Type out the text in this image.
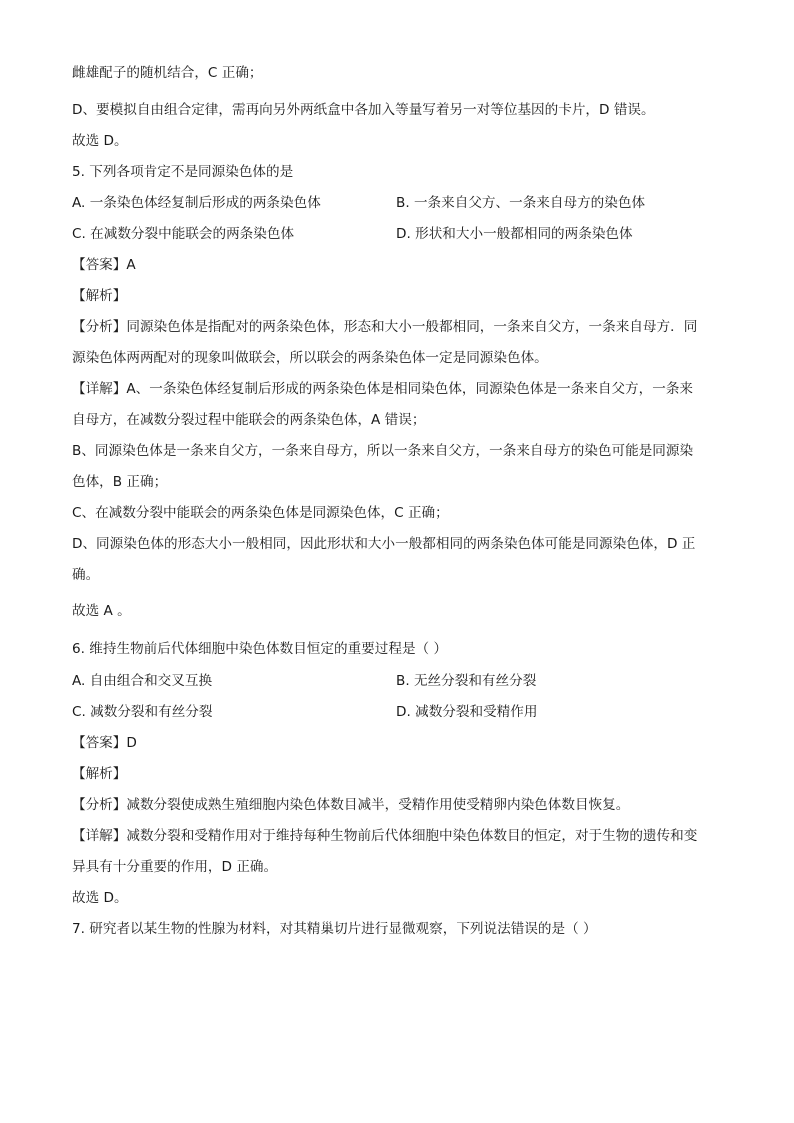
雌雄配子的随机结合，C 正确；
D、要模拟自由组合定律，需再向另外两纸盒中各加入等量写着另一对等位基因的卡片，D 错误。
故选 D。
5. 下列各项肯定不是同源染色体的是
A. 一条染色体经复制后形成的两条染色体	B. 一条来自父方、一条来自母方的染色体
C. 在减数分裂中能联会的两条染色体	D. 形状和大小一般都相同的两条染色体
【答案】A
【解析】
【分析】同源染色体是指配对的两条染色体，形态和大小一般都相同，一条来自父方，一条来自母方．同
源染色体两两配对的现象叫做联会，所以联会的两条染色体一定是同源染色体。
【详解】A、一条染色体经复制后形成的两条染色体是相同染色体，同源染色体是一条来自父方，一条来
自母方，在减数分裂过程中能联会的两条染色体，A 错误；
B、同源染色体是一条来自父方，一条来自母方，所以一条来自父方，一条来自母方的染色可能是同源染
色体，B 正确；
C、在减数分裂中能联会的两条染色体是同源染色体，C 正确；
D、同源染色体的形态大小一般相同，因此形状和大小一般都相同的两条染色体可能是同源染色体，D 正
确。
故选 A 。
6. 维持生物前后代体细胞中染色体数目恒定的重要过程是（ ）
A. 自由组合和交叉互换	B. 无丝分裂和有丝分裂
C. 减数分裂和有丝分裂	D. 减数分裂和受精作用
【答案】D
【解析】
【分析】减数分裂使成熟生殖细胞内染色体数目减半，受精作用使受精卵内染色体数目恢复。
【详解】减数分裂和受精作用对于维持每种生物前后代体细胞中染色体数目的恒定，对于生物的遗传和变
异具有十分重要的作用，D 正确。
故选 D。
7. 研究者以某生物的性腺为材料，对其精巢切片进行显微观察，下列说法错误的是（ ）
